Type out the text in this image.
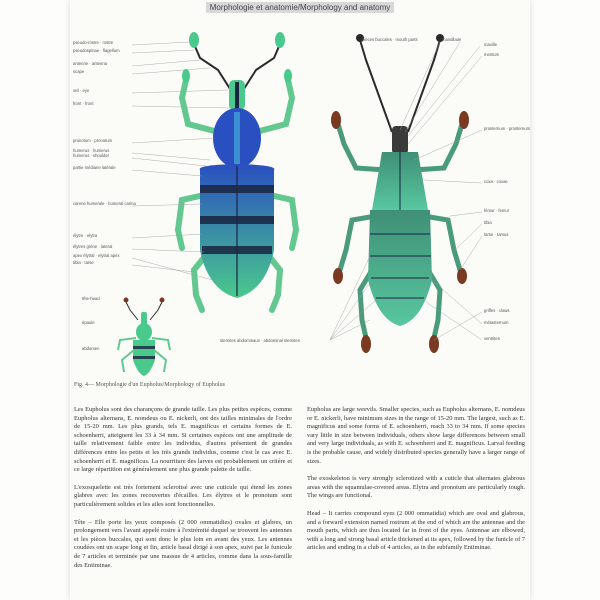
Morphologie et anatomie/Morphology and anatomy
pseudo-rostre · rostre
pseudospinae · flagellum
antenne · antenna
scape
œil · eye
front · front
pronotum · pronotum
humerus · humerus
humerus · shoulder
partie médiane latérale
carene humerale · humeral carina
élytre · elytra
élytres grène · lateral
apex élytral · elytral apex
tibia · tarse
tête-head
épaule
abdomen
sternites abdominaux · abdominal sternites
pièces buccales · mouth parts	mandibule
maxille
mentum
prosternum · prosternum
coxa · coxae
fémur · femur
tibia
tarse · tarsus
griffes · claws
métasternum
ventrites
Fig. 4— Morphologie d'un Eupholus/Morphology of Eupholus

Les Eupholus sont des charançons de grande taille. Les plus petites espèces, comme Eupholus alternans, E. nomdeus ou E. nickerli, ont des tailles minimales de l'ordre de 15-20 mm. Les plus grands, tels E. magnificus et certains formes de E. schoenherri, atteignent les 33 à 34 mm. Si certaines espèces ont une amplitude de taille relativement faible entre les individus, d'autres présentent de grandes différences entre les petits et les très grands individus, comme c'est le cas avec E. schoenherri et E. magnificus. La nourriture des larves est probablement un critère et ce large répartition est généralement une plus grande palette de taille.

L'exosquelette est très fortement sclerotisé avec une cuticule qui étend les zones glabres avec les zones recouvertes d'écailles. Les élytres et le pronotum sont particulièrement solides et les ailes sont fonctionnelles.

Tête – Elle porte les yeux composés (2 000 ommatidies) ovales et glabres, un prolongement vers l'avant appelé rostre à l'extrémité duquel se trouvent les antennes et les pièces buccales, qui sont donc le plus loin en avant des yeux. Les antennes coudées ont un scape long et fin, article basal dirigé à son apex, suivi par le funicule de 7 articles et terminée par une massue de 4 articles, comme dans la sous-famille des Entiminae.

Eupholus are large weevils. Smaller species, such as Eupholus alternans, E. nomdeus or E. nickerli, have minimum sizes in the range of 15-20 mm. The largest, such as E. magnificus and some forms of E. schoenherri, reach 33 to 34 mm. If some species vary little in size between individuals, others show large differences between small and very large individuals, as with E. schoenherri and E. magnificus. Larval feeding is the probable cause, and widely distributed species generally have a larger range of sizes.

The exoskeleton is very strongly sclerotized with a cuticle that alternates glabrous areas with the squamulae-covered areas. Elytra and pronotum are particularly tough. The wings are functional.

Head – It carries compound eyes (2 000 ommatidia) which are oval and glabrous, and a forward extension named rostrum at the end of which are the antennae and the mouth parts, which are thus located far in front of the eyes. Antennae are elbowed, with a long and strong basal article thickened at its apex, followed by the funicle of 7 articles and ending in a club of 4 articles, as in the subfamily Entiminae.
